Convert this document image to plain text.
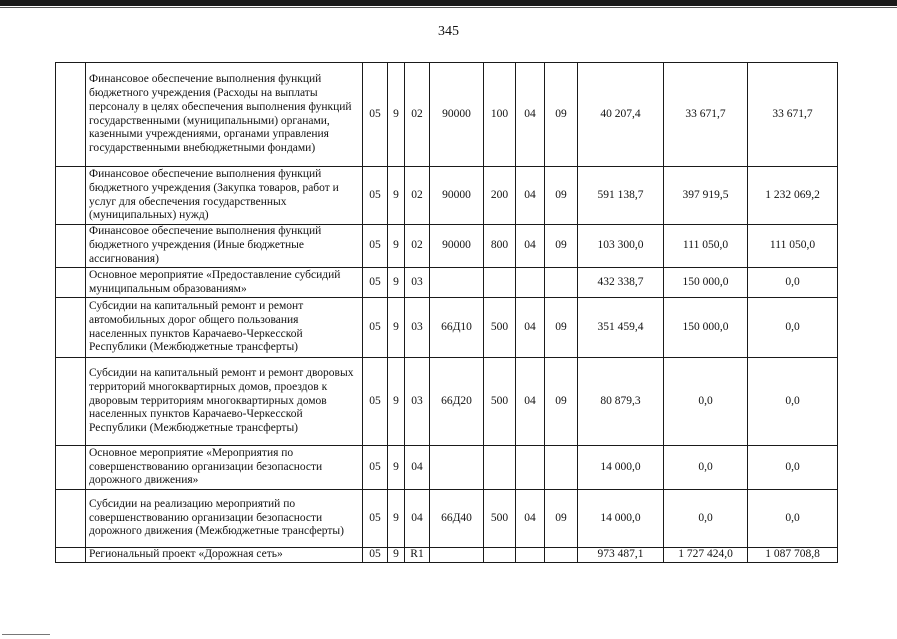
345
	Финансовое обеспечение выполнения функций бюджетного учреждения (Расходы на выплаты персоналу в целях обеспечения выполнения функций государственными (муниципальными) органами, казенными учреждениями, органами управления государственными внебюджетными фондами)	05	9	02	90000	100	04	09	40 207,4	33 671,7	33 671,7
	Финансовое обеспечение выполнения функций бюджетного учреждения (Закупка товаров, работ и услуг для обеспечения государственных (муниципальных) нужд)	05	9	02	90000	200	04	09	591 138,7	397 919,5	1 232 069,2
	Финансовое обеспечение выполнения функций бюджетного учреждения (Иные бюджетные ассигнования)	05	9	02	90000	800	04	09	103 300,0	111 050,0	111 050,0
	Основное мероприятие «Предоставление субсидий муниципальным образованиям»	05	9	03					432 338,7	150 000,0	0,0
	Субсидии на капитальный ремонт и ремонт автомобильных дорог общего пользования населенных пунктов Карачаево-Черкесской Республики (Межбюджетные трансферты)	05	9	03	66Д10	500	04	09	351 459,4	150 000,0	0,0
	Субсидии на капитальный ремонт и ремонт дворовых территорий многоквартирных домов, проездов к дворовым территориям многоквартирных домов населенных пунктов Карачаево-Черкесской Республики (Межбюджетные трансферты)	05	9	03	66Д20	500	04	09	80 879,3	0,0	0,0
	Основное мероприятие «Мероприятия по совершенствованию организации безопасности дорожного движения»	05	9	04					14 000,0	0,0	0,0
	Субсидии на реализацию мероприятий по совершенствованию организации безопасности дорожного движения (Межбюджетные трансферты)	05	9	04	66Д40	500	04	09	14 000,0	0,0	0,0
	Региональный проект «Дорожная сеть»	05	9	R1					973 487,1	1 727 424,0	1 087 708,8
